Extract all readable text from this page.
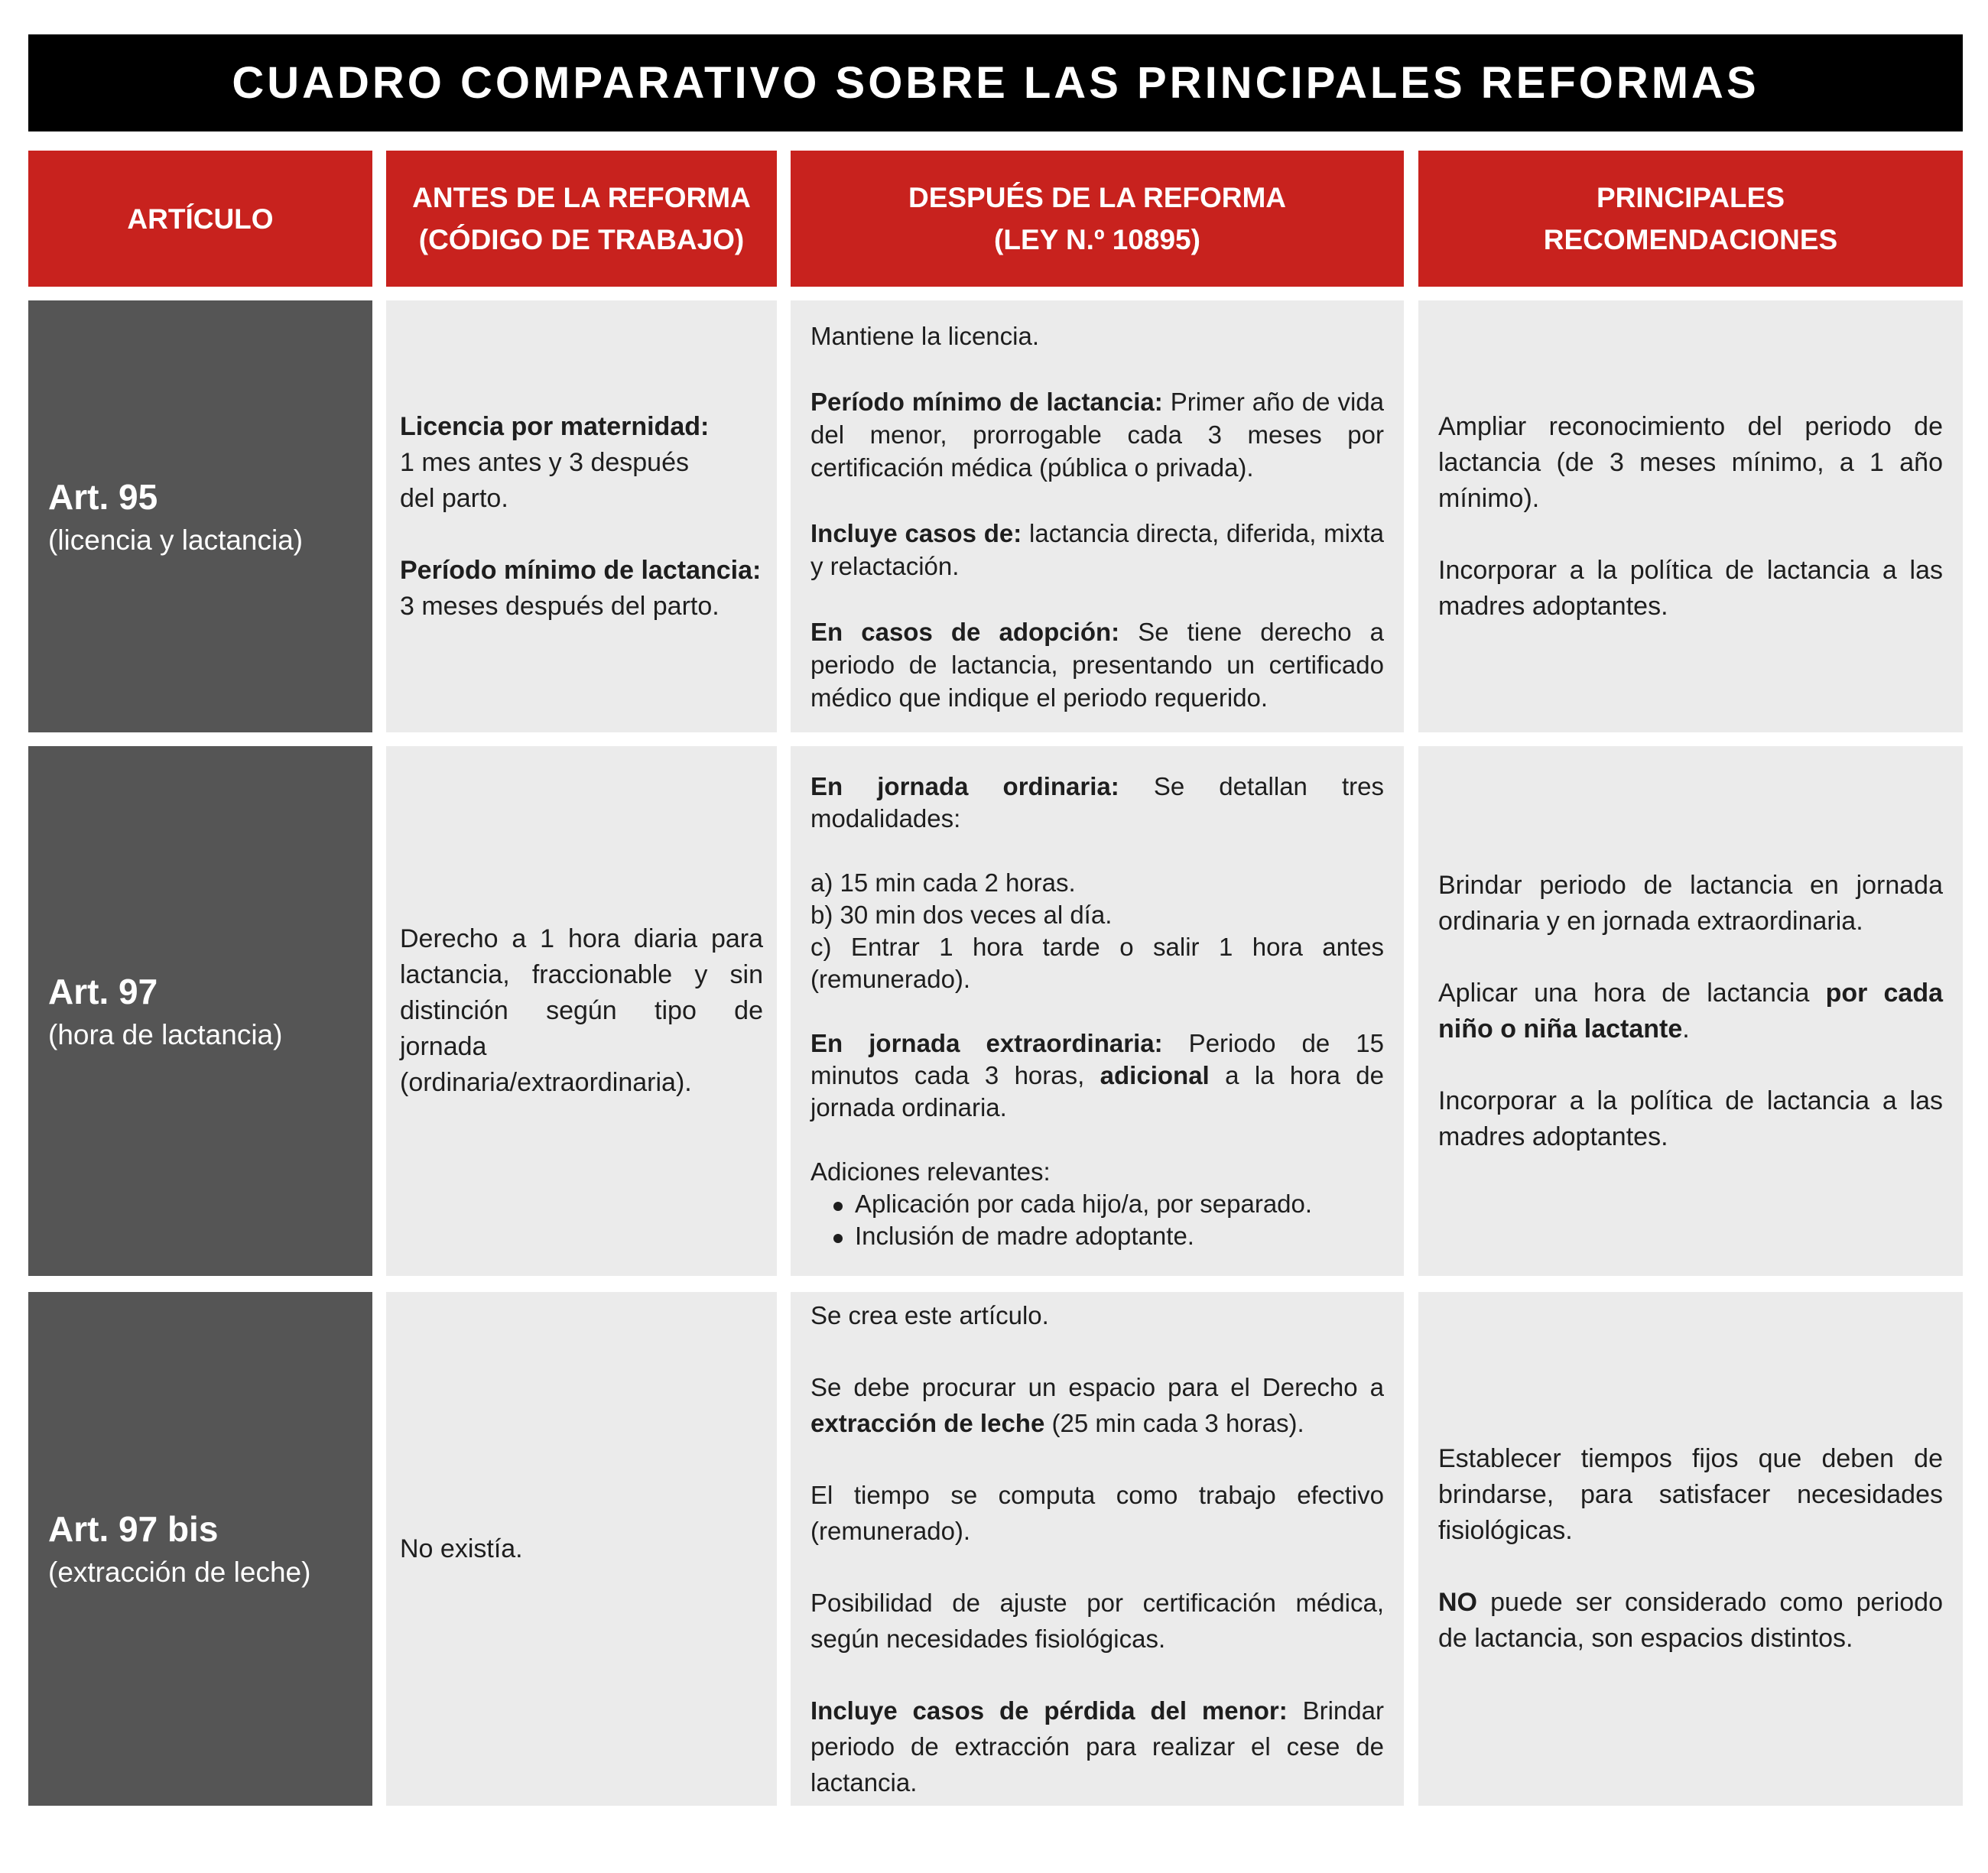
CUADRO COMPARATIVO SOBRE LAS PRINCIPALES REFORMAS
ARTÍCULO
ANTES DE LA REFORMA
(CÓDIGO DE TRABAJO)
DESPUÉS DE LA REFORMA
(LEY N.º 10895)
PRINCIPALES
RECOMENDACIONES
Art. 95
(licencia y lactancia)

Licencia por maternidad:

1 mes antes y 3 después

del parto.

Período mínimo de lactancia:

3 meses después del parto.

Mantiene la licencia.

Período mínimo de lactancia: Primer año de vida del menor, prorrogable cada 3 meses por certificación médica (pública o privada).

Incluye casos de: lactancia directa, diferida, mixta y relactación.

En casos de adopción: Se tiene derecho a periodo de lactancia, presentando un certificado médico que indique el periodo requerido.

Ampliar reconocimiento del periodo de lactancia (de 3 meses mínimo, a 1 año mínimo).

Incorporar a la política de lactancia a las madres adoptantes.

Art. 97
(hora de lactancia)

Derecho a 1 hora diaria para lactancia, fraccionable y sin distinción según tipo de jornada (ordinaria/extraordinaria).

En jornada ordinaria: Se detallan tres modalidades:

a) 15 min cada 2 horas.

b) 30 min dos veces al día.

c) Entrar 1 hora tarde o salir 1 hora antes (remunerado).

En jornada extraordinaria: Periodo de 15 minutos cada 3 horas, adicional a la hora de jornada ordinaria.

Adiciones relevantes:

Aplicación por cada hijo/a, por separado.
Inclusión de madre adoptante.

Brindar periodo de lactancia en jornada ordinaria y en jornada extraordinaria.

Aplicar una hora de lactancia por cada niño o niña lactante.

Incorporar a la política de lactancia a las madres adoptantes.

Art. 97 bis
(extracción de leche)

No existía.

Se crea este artículo.

Se debe procurar un espacio para el Derecho a extracción de leche (25 min cada 3 horas).

El tiempo se computa como trabajo efectivo (remunerado).

Posibilidad de ajuste por certificación médica, según necesidades fisiológicas.

Incluye casos de pérdida del menor: Brindar periodo de extracción para realizar el cese de lactancia.

Establecer tiempos fijos que deben de brindarse, para satisfacer necesidades fisiológicas.

NO puede ser considerado como periodo de lactancia, son espacios distintos.
